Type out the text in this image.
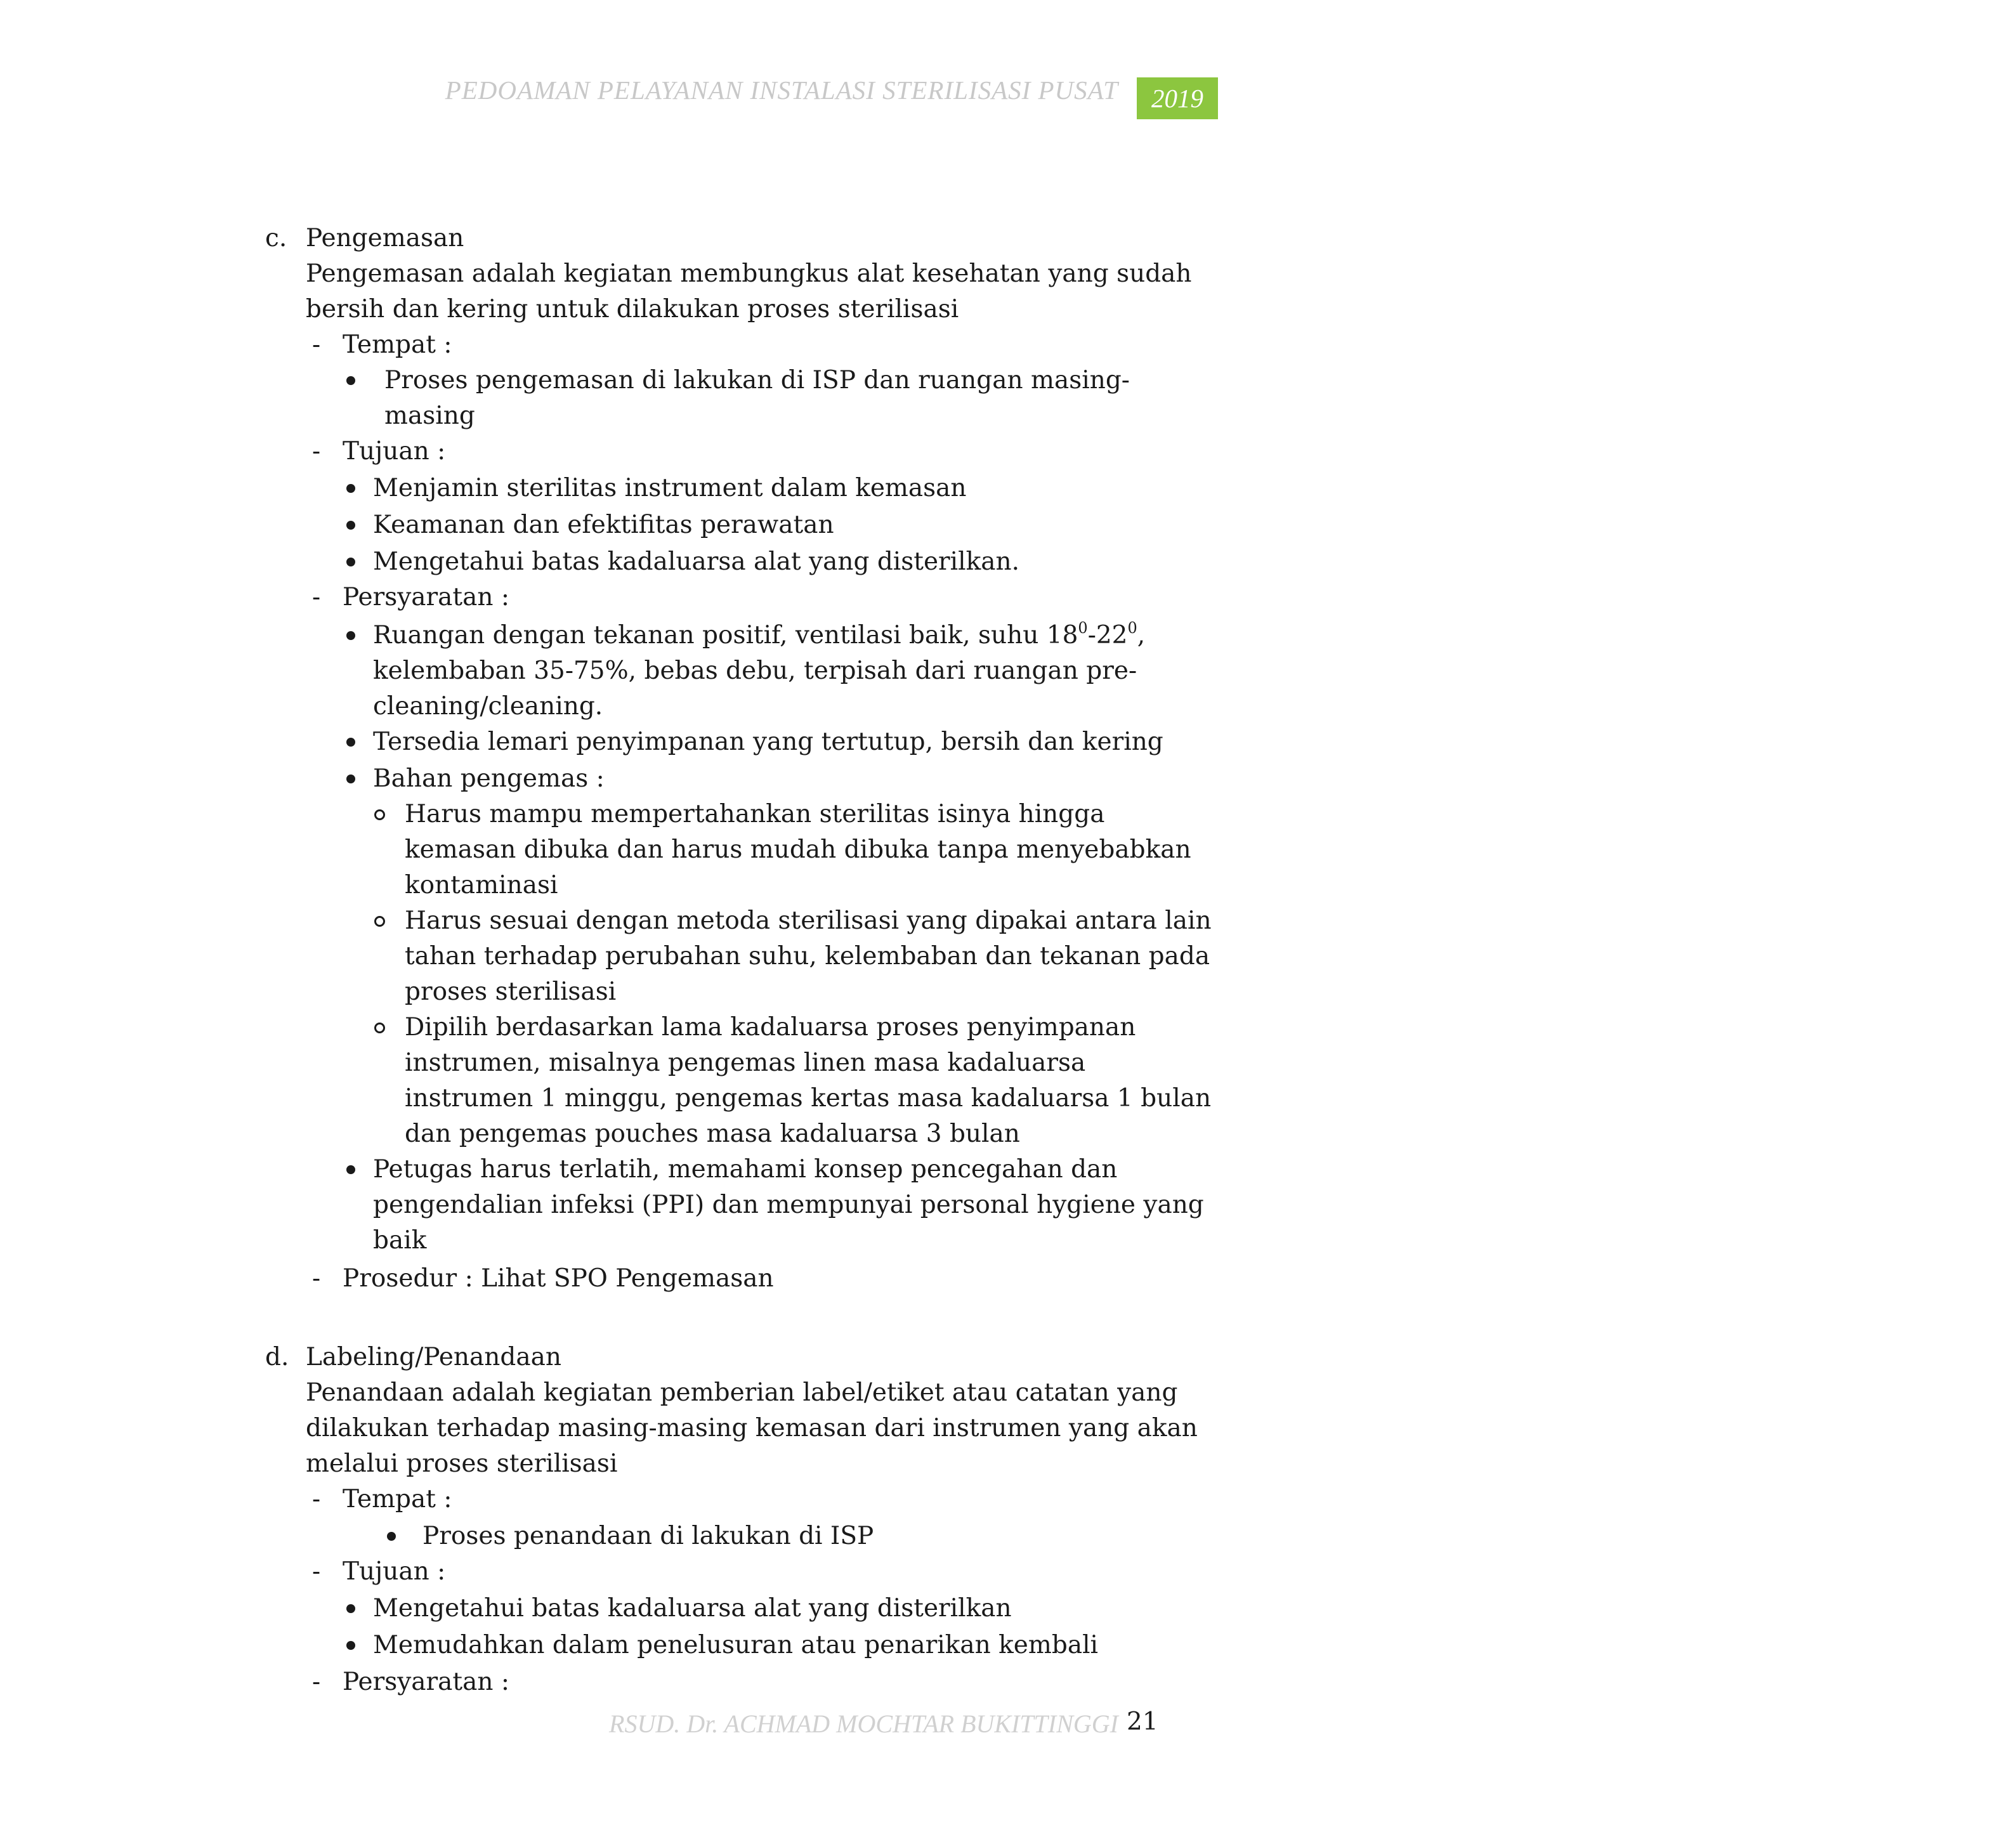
PEDOAMAN PELAYANAN INSTALASI STERILISASI PUSAT	2019
c. Pengemasan
Pengemasan adalah kegiatan membungkus alat kesehatan yang sudah
bersih dan kering untuk dilakukan proses sterilisasi
- Tempat :
Proses pengemasan di lakukan di ISP dan ruangan masing-
masing
- Tujuan :
Menjamin sterilitas instrument dalam kemasan
Keamanan dan efektifitas perawatan
Mengetahui batas kadaluarsa alat yang disterilkan.
- Persyaratan :
Ruangan dengan tekanan positif, ventilasi baik, suhu $18^0-22^0$,
kelembaban 35-75%, bebas debu, terpisah dari ruangan pre-
cleaning/cleaning.
Tersedia lemari penyimpanan yang tertutup, bersih dan kering
Bahan pengemas :
Harus mampu mempertahankan sterilitas isinya hingga
kemasan dibuka dan harus mudah dibuka tanpa menyebabkan
kontaminasi
Harus sesuai dengan metoda sterilisasi yang dipakai antara lain
tahan terhadap perubahan suhu, kelembaban dan tekanan pada
proses sterilisasi
Dipilih berdasarkan lama kadaluarsa proses penyimpanan
instrumen, misalnya pengemas linen masa kadaluarsa
instrumen 1 minggu, pengemas kertas masa kadaluarsa 1 bulan
dan pengemas pouches masa kadaluarsa 3 bulan
Petugas harus terlatih, memahami konsep pencegahan dan
pengendalian infeksi (PPI) dan mempunyai personal hygiene yang
baik
- Prosedur : Lihat SPO Pengemasan
d. Labeling/Penandaan
Penandaan adalah kegiatan pemberian label/etiket atau catatan yang
dilakukan terhadap masing-masing kemasan dari instrumen yang akan
melalui proses sterilisasi
- Tempat :
Proses penandaan di lakukan di ISP
- Tujuan :
Mengetahui batas kadaluarsa alat yang disterilkan
Memudahkan dalam penelusuran atau penarikan kembali
- Persyaratan :
RSUD. Dr. ACHMAD MOCHTAR BUKITTINGGI 21
